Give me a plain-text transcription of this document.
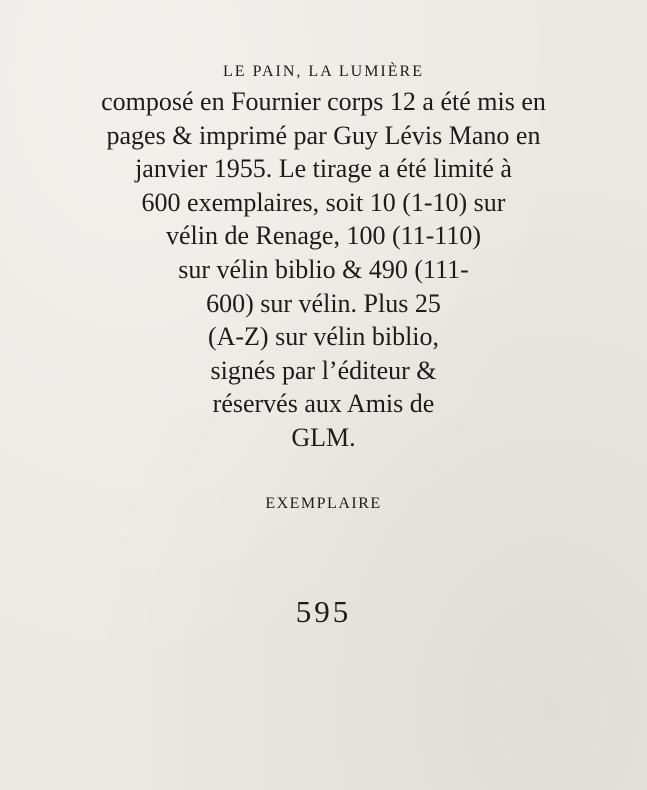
LE PAIN, LA LUMIÈRE
composé en Fournier corps 12 a été mis en
pages & imprimé par Guy Lévis Mano en
janvier 1955. Le tirage a été limité à
600 exemplaires, soit 10 (1-10) sur
vélin de Renage, 100 (11-110)
sur vélin biblio & 490 (111-
600) sur vélin. Plus 25
(A-Z) sur vélin biblio,
signés par l’éditeur &
réservés aux Amis de
GLM.
EXEMPLAIRE
595
